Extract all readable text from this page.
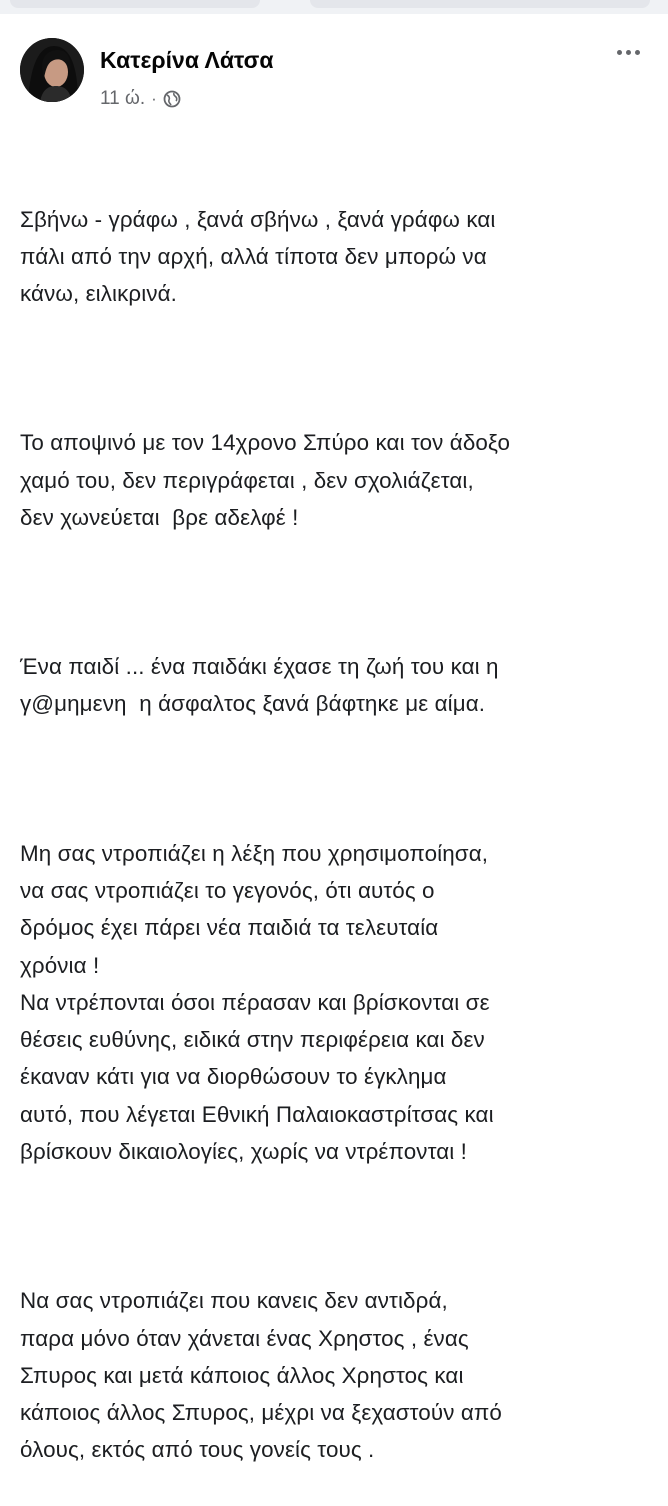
Κατερίνα Λάτσα
11 ώ. ·

Σβήνω - γράφω , ξανά σβήνω , ξανά γράφω και
πάλι από την αρχή, αλλά τίποτα δεν μπορώ να
κάνω, ειλικρινά.

Το αποψινό με τον 14χρονο Σπύρο και τον άδοξο
χαμό του, δεν περιγράφεται , δεν σχολιάζεται,
δεν χωνεύεται  βρε αδελφέ !

Ένα παιδί ... ένα παιδάκι έχασε τη ζωή του και η
γ@μημενη  η άσφαλτος ξανά βάφτηκε με αίμα.

Μη σας ντροπιάζει η λέξη που χρησιμοποίησα,
να σας ντροπιάζει το γεγονός, ότι αυτός ο
δρόμος έχει πάρει νέα παιδιά τα τελευταία
χρόνια !
Να ντρέπονται όσοι πέρασαν και βρίσκονται σε
θέσεις ευθύνης, ειδικά στην περιφέρεια και δεν
έκαναν κάτι για να διορθώσουν το έγκλημα
αυτό, που λέγεται Εθνική Παλαιοκαστρίτσας και
βρίσκουν δικαιολογίες, χωρίς να ντρέπονται !

Να σας ντροπιάζει που κανεις δεν αντιδρά,
παρα μόνο όταν χάνεται ένας Χρηστος , ένας
Σπυρος και μετά κάποιος άλλος Χρηστος και
κάποιος άλλος Σπυρος, μέχρι να ξεχαστούν από
όλους, εκτός από τους γονείς τους .
